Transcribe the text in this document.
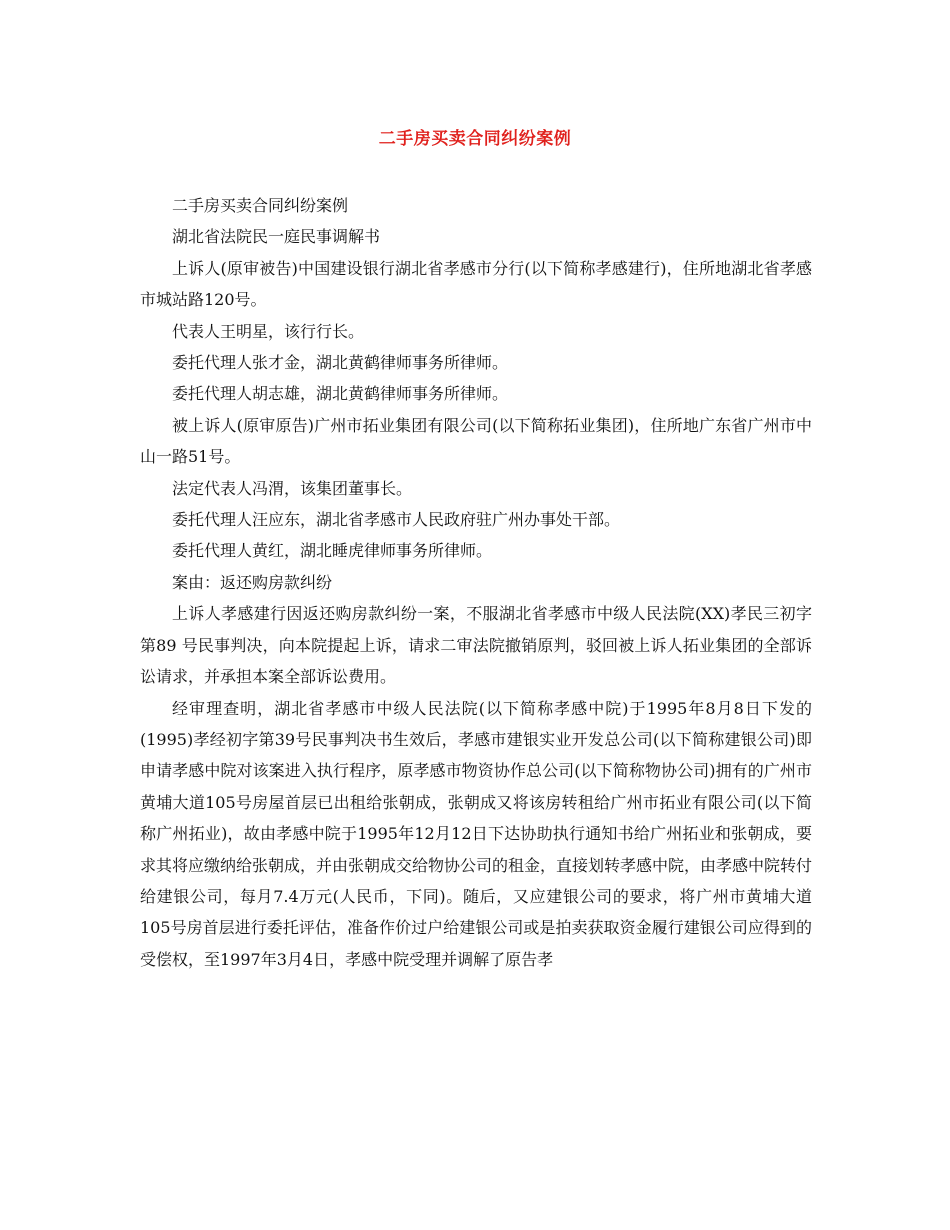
二手房买卖合同纠纷案例

二手房买卖合同纠纷案例

湖北省法院民一庭民事调解书

上诉人(原审被告)中国建设银行湖北省孝感市分行(以下简称孝感建行)，住所地湖北省孝感市城站路120号。

代表人王明星，该行行长。

委托代理人张才金，湖北黄鹤律师事务所律师。

委托代理人胡志雄，湖北黄鹤律师事务所律师。

被上诉人(原审原告)广州市拓业集团有限公司(以下简称拓业集团)，住所地广东省广州市中山一路51号。

法定代表人冯渭，该集团董事长。

委托代理人汪应东，湖北省孝感市人民政府驻广州办事处干部。

委托代理人黄红，湖北睡虎律师事务所律师。

案由：返还购房款纠纷

上诉人孝感建行因返还购房款纠纷一案，不服湖北省孝感市中级人民法院(XX)孝民三初字第89 号民事判决，向本院提起上诉，请求二审法院撤销原判，驳回被上诉人拓业集团的全部诉讼请求，并承担本案全部诉讼费用。

经审理查明，湖北省孝感市中级人民法院(以下简称孝感中院)于1995年8月8日下发的(1995)孝经初字第39号民事判决书生效后，孝感市建银实业开发总公司(以下简称建银公司)即申请孝感中院对该案进入执行程序，原孝感市物资协作总公司(以下简称物协公司)拥有的广州市黄埔大道105号房屋首层已出租给张朝成，张朝成又将该房转租给广州市拓业有限公司(以下简称广州拓业)，故由孝感中院于1995年12月12日下达协助执行通知书给广州拓业和张朝成，要求其将应缴纳给张朝成，并由张朝成交给物协公司的租金，直接划转孝感中院，由孝感中院转付给建银公司，每月7.4万元(人民币，下同)。随后，又应建银公司的要求，将广州市黄埔大道105号房首层进行委托评估，准备作价过户给建银公司或是拍卖获取资金履行建银公司应得到的受偿权，至1997年3月4日，孝感中院受理并调解了原告孝
